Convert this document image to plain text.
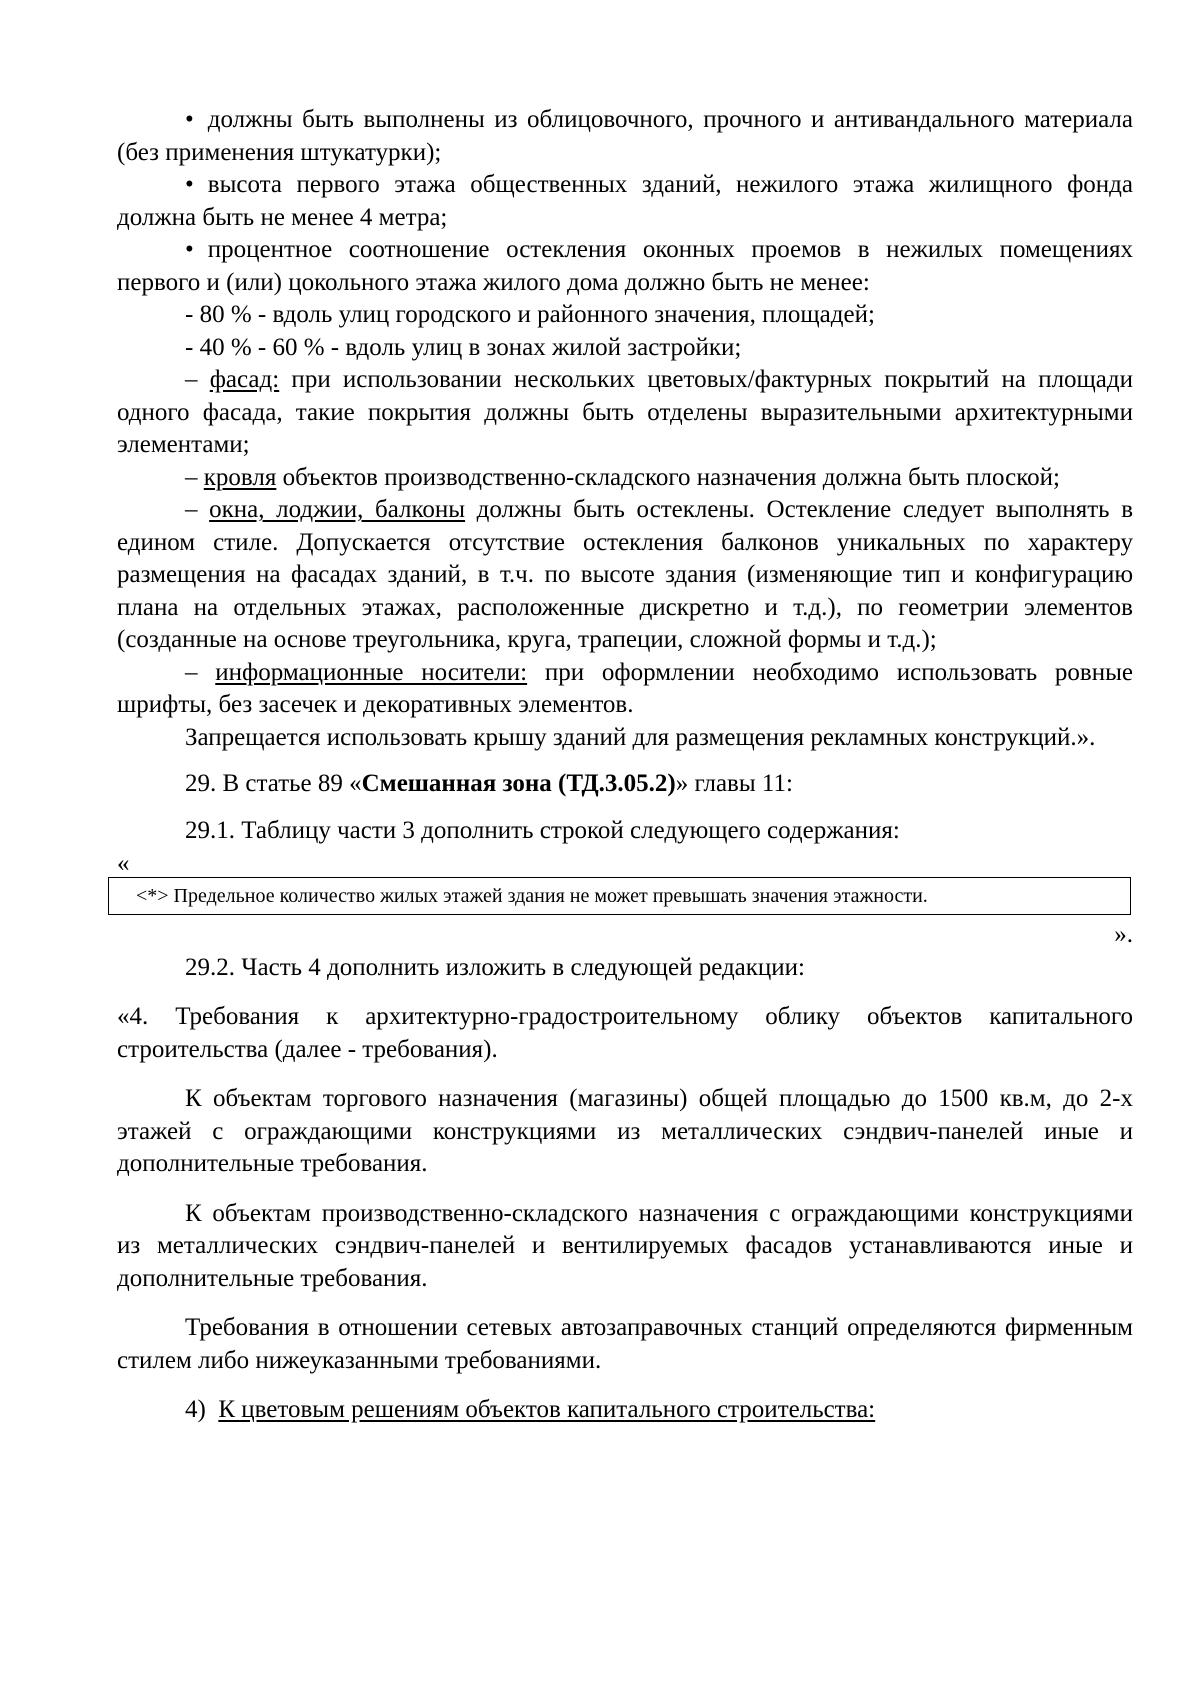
• должны быть выполнены из облицовочного, прочного и антивандального материала (без применения штукатурки);

• высота первого этажа общественных зданий, нежилого этажа жилищного фонда должна быть не менее 4 метра;

• процентное соотношение остекления оконных проемов в нежилых помещениях первого и (или) цокольного этажа жилого дома должно быть не менее:

- 80 % - вдоль улиц городского и районного значения, площадей;

- 40 % - 60 % - вдоль улиц в зонах жилой застройки;

– фасад: при использовании нескольких цветовых/фактурных покрытий на площади одного фасада, такие покрытия должны быть отделены выразительными архитектурными элементами;

– кровля объектов производственно-складского назначения должна быть плоской;

– окна, лоджии, балконы должны быть остеклены. Остекление следует выполнять в едином стиле. Допускается отсутствие остекления балконов уникальных по характеру размещения на фасадах зданий, в т.ч. по высоте здания (изменяющие тип и конфигурацию плана на отдельных этажах, расположенные дискретно и т.д.), по геометрии элементов (созданные на основе треугольника, круга, трапеции, сложной формы и т.д.);

– информационные носители: при оформлении необходимо использовать ровные шрифты, без засечек и декоративных элементов.

Запрещается использовать крышу зданий для размещения рекламных конструкций.».

29. В статье 89 «Смешанная зона (ТД.3.05.2)» главы 11:

29.1. Таблицу части 3 дополнить строкой следующего содержания:

«

<*> Предельное количество жилых этажей здания не может превышать значения этажности.

».

29.2. Часть 4 дополнить изложить в следующей редакции:

«4. Требования к архитектурно-градостроительному облику объектов капитального строительства (далее - требования).

К объектам торгового назначения (магазины) общей площадью до 1500 кв.м, до 2-х этажей с ограждающими конструкциями из металлических сэндвич-панелей иные и дополнительные требования.

К объектам производственно-складского назначения с ограждающими конструкциями из металлических сэндвич-панелей и вентилируемых фасадов устанавливаются иные и дополнительные требования.

Требования в отношении сетевых автозаправочных станций определяются фирменным стилем либо нижеуказанными требованиями.

4) К цветовым решениям объектов капитального строительства:
